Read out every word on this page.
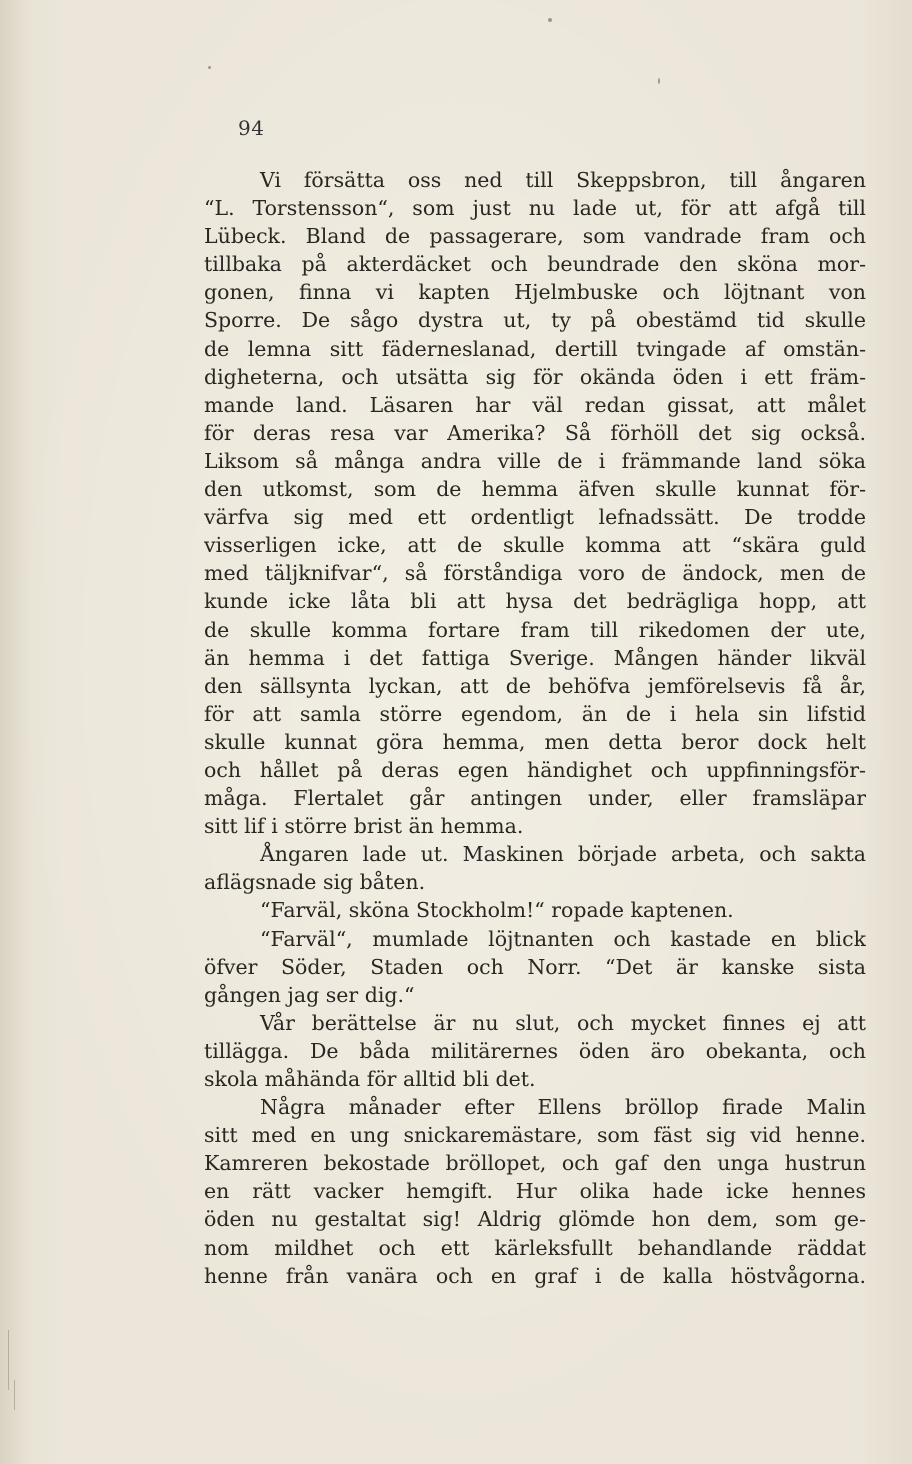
94
Vi försätta oss ned till Skeppsbron, till ångaren
“L. Torstensson“, som just nu lade ut, för att afgå till
Lübeck. Bland de passagerare, som vandrade fram och
tillbaka på akterdäcket och beundrade den sköna mor-
gonen, finna vi kapten Hjelmbuske och löjtnant von
Sporre. De sågo dystra ut, ty på obestämd tid skulle
de lemna sitt fäderneslanad, dertill tvingade af omstän-
digheterna, och utsätta sig för okända öden i ett främ-
mande land. Läsaren har väl redan gissat, att målet
för deras resa var Amerika? Så förhöll det sig också.
Liksom så många andra ville de i främmande land söka
den utkomst, som de hemma äfven skulle kunnat för-
värfva sig med ett ordentligt lefnadssätt. De trodde
visserligen icke, att de skulle komma att “skära guld
med täljknifvar“, så förståndiga voro de ändock, men de
kunde icke låta bli att hysa det bedrägliga hopp, att
de skulle komma fortare fram till rikedomen der ute,
än hemma i det fattiga Sverige. Mången händer likväl
den sällsynta lyckan, att de behöfva jemförelsevis få år,
för att samla större egendom, än de i hela sin lifstid
skulle kunnat göra hemma, men detta beror dock helt
och hållet på deras egen händighet och uppfinningsför-
måga. Flertalet går antingen under, eller framsläpar
sitt lif i större brist än hemma.
Ångaren lade ut. Maskinen började arbeta, och sakta
aflägsnade sig båten.
“Farväl, sköna Stockholm!“ ropade kaptenen.
“Farväl“, mumlade löjtnanten och kastade en blick
öfver Söder, Staden och Norr. “Det är kanske sista
gången jag ser dig.“
Vår berättelse är nu slut, och mycket finnes ej att
tillägga. De båda militärernes öden äro obekanta, och
skola måhända för alltid bli det.
Några månader efter Ellens bröllop firade Malin
sitt med en ung snickaremästare, som fäst sig vid henne.
Kamreren bekostade bröllopet, och gaf den unga hustrun
en rätt vacker hemgift. Hur olika hade icke hennes
öden nu gestaltat sig! Aldrig glömde hon dem, som ge-
nom mildhet och ett kärleksfullt behandlande räddat
henne från vanära och en graf i de kalla höstvågorna.
